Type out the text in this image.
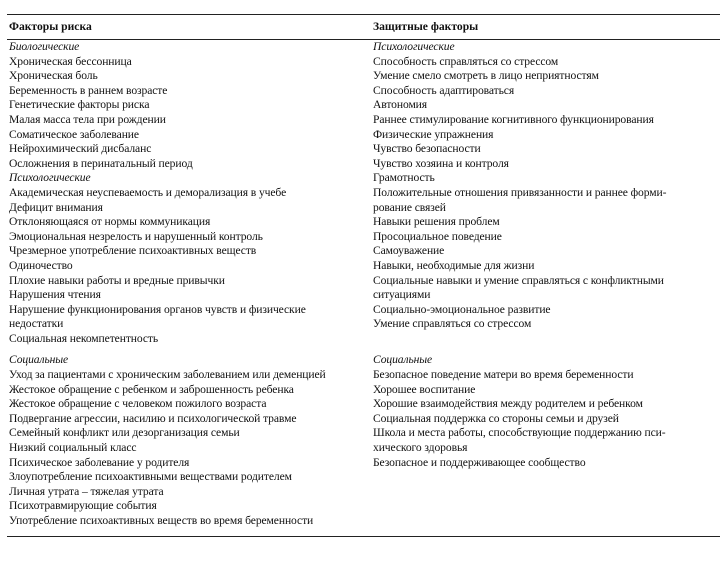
Факторы риска	Защитные факторы
Биологические
Хроническая бессонница
Хроническая боль
Беременность в раннем возрасте
Генетические факторы риска
Малая масса тела при рождении
Соматическое заболевание
Нейрохимический дисбаланс
Осложнения в перинатальный период
Психологические
Академическая неуспеваемость и деморализация в учебе
Дефицит внимания
Отклоняющаяся от нормы коммуникация
Эмоциональная незрелость и нарушенный контроль
Чрезмерное употребление психоактивных веществ
Одиночество
Плохие навыки работы и вредные привычки
Нарушения чтения
Нарушение функционирования органов чувств и физические
недостатки
Социальная некомпетентность
Социальные
Уход за пациентами с хроническим заболеванием или деменцией
Жестокое обращение с ребенком и заброшенность ребенка
Жестокое обращение с человеком пожилого возраста
Подвергание агрессии, насилию и психологической травме
Семейный конфликт или дезорганизация семьи
Низкий социальный класс
Психическое заболевание у родителя
Злоупотребление психоактивными веществами родителем
Личная утрата – тяжелая утрата
Психотравмирующие события
Употребление психоактивных веществ во время беременности
Психологические
Способность справляться со стрессом
Умение смело смотреть в лицо неприятностям
Способность адаптироваться
Автономия
Раннее стимулирование когнитивного функционирования
Физические упражнения
Чувство безопасности
Чувство хозяина и контроля
Грамотность
Положительные отношения привязанности и раннее форми-
рование связей
Навыки решения проблем
Просоциальное поведение
Самоуважение
Навыки, необходимые для жизни
Социальные навыки и умение справляться с конфликтными
ситуациями
Социально-эмоциональное развитие
Умение справляться со стрессом

Социальные
Безопасное поведение матери во время беременности
Хорошее воспитание
Хорошие взаимодействия между родителем и ребенком
Социальная поддержка со стороны семьи и друзей
Школа и места работы, способствующие поддержанию пси-
хического здоровья
Безопасное и поддерживающее сообщество
